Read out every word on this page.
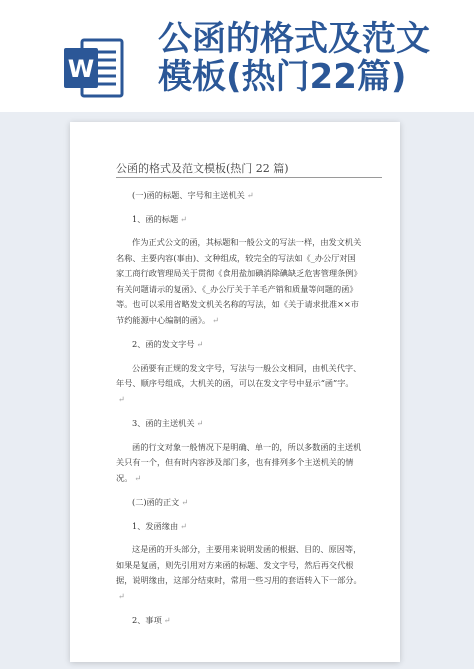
W
公函的格式及范文模板(热门22篇)
公函的格式及范文模板(热门 22 篇)

(一)函的标题、字号和主送机关 ↵

1、函的标题 ↵

作为正式公文的函，其标题和一般公文的写法一样，由发文机关名称、主要内容(事由)、文种组成，较完全的写法如《_办公厅对国家工商行政管理局关于贯彻《食用盐加碘消除碘缺乏危害管理条例》有关问题请示的复函》、《_办公厅关于羊毛产销和质量等问题的函》等。也可以采用省略发文机关名称的写法，如《关于请求批准××市节约能源中心编制的函》。 ↵

2、函的发文字号 ↵

公函要有正规的发文字号，写法与一般公文相同，由机关代字、年号、顺序号组成，大机关的函，可以在发文字号中显示“函”字。↵

3、函的主送机关 ↵

函的行文对象一般情况下是明确、单一的，所以多数函的主送机关只有一个，但有时内容涉及部门多，也有排列多个主送机关的情况。 ↵

(二)函的正文 ↵

1、发函缘由 ↵

这是函的开头部分，主要用来说明发函的根据、目的、原因等，如果是复函，则先引用对方来函的标题、发文字号，然后再交代根据，说明缘由，这部分结束时，常用一些习用的套语转入下一部分。↵

2、事项 ↵
